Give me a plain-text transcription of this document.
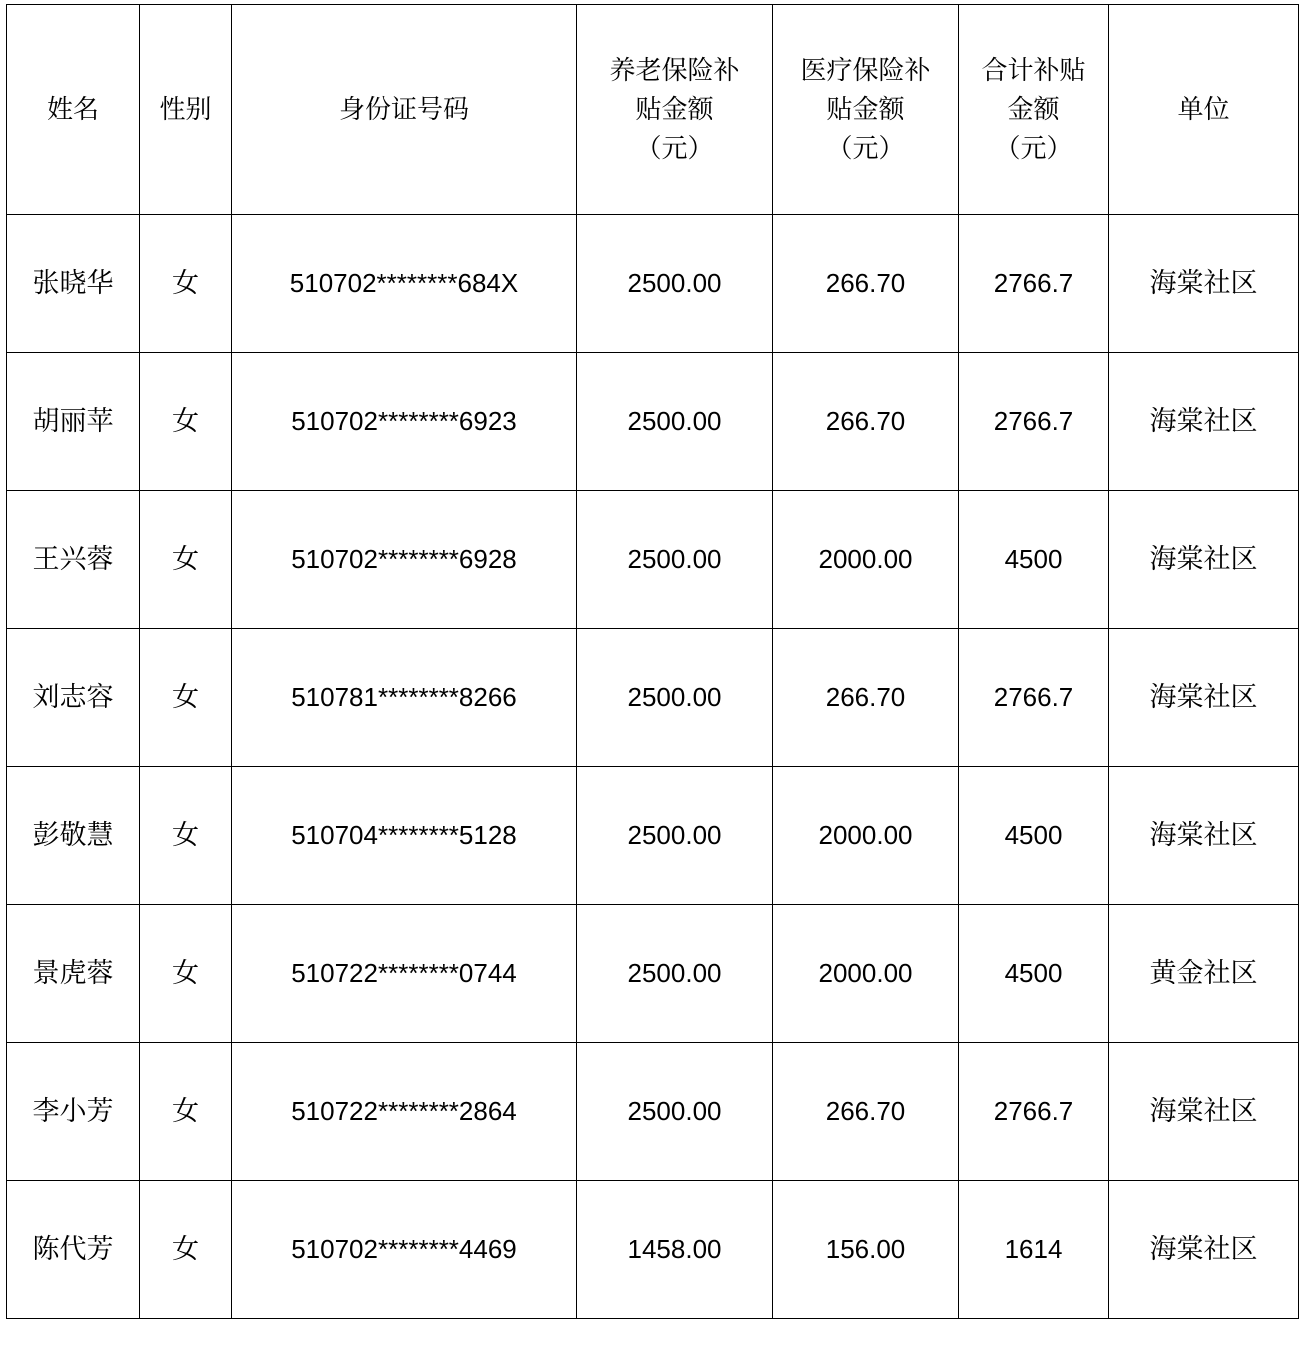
姓名	性别	身份证号码	养老保险补
贴金额
（元）	医疗保险补
贴金额
（元）	合计补贴
金额
（元）	单位
张晓华	女	510702********684X	2500.00	266.70	2766.7	海棠社区
胡丽苹	女	510702********6923	2500.00	266.70	2766.7	海棠社区
王兴蓉	女	510702********6928	2500.00	2000.00	4500	海棠社区
刘志容	女	510781********8266	2500.00	266.70	2766.7	海棠社区
彭敬慧	女	510704********5128	2500.00	2000.00	4500	海棠社区
景虎蓉	女	510722********0744	2500.00	2000.00	4500	黄金社区
李小芳	女	510722********2864	2500.00	266.70	2766.7	海棠社区
陈代芳	女	510702********4469	1458.00	156.00	1614	海棠社区
